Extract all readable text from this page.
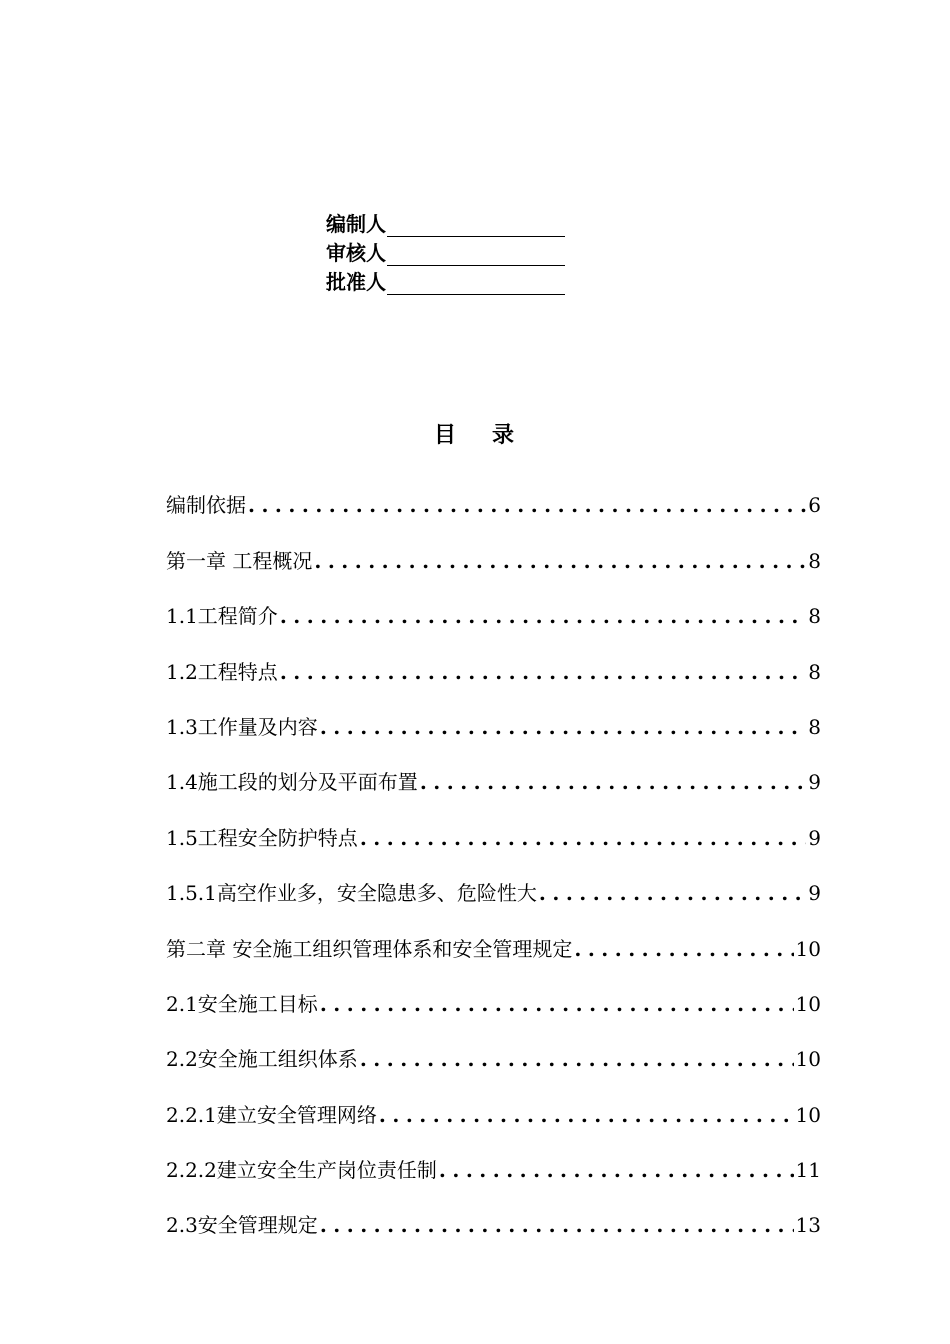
编制人
审核人
批准人
目 录
编制依据 .....	6
第一章 工程概况 .....	8
1.1工程简介 .....	8
1.2工程特点 .....	8
1.3工作量及内容 .....	8
1.4施工段的划分及平面布置 .....	9
1.5工程安全防护特点 .....	9
1.5.1高空作业多，安全隐患多、危险性大 .....	9
第二章 安全施工组织管理体系和安全管理规定 .....	10
2.1安全施工目标 .....	10
2.2安全施工组织体系 .....	10
2.2.1建立安全管理网络 .....	10
2.2.2建立安全生产岗位责任制 .....	11
2.3安全管理规定 .....	13
